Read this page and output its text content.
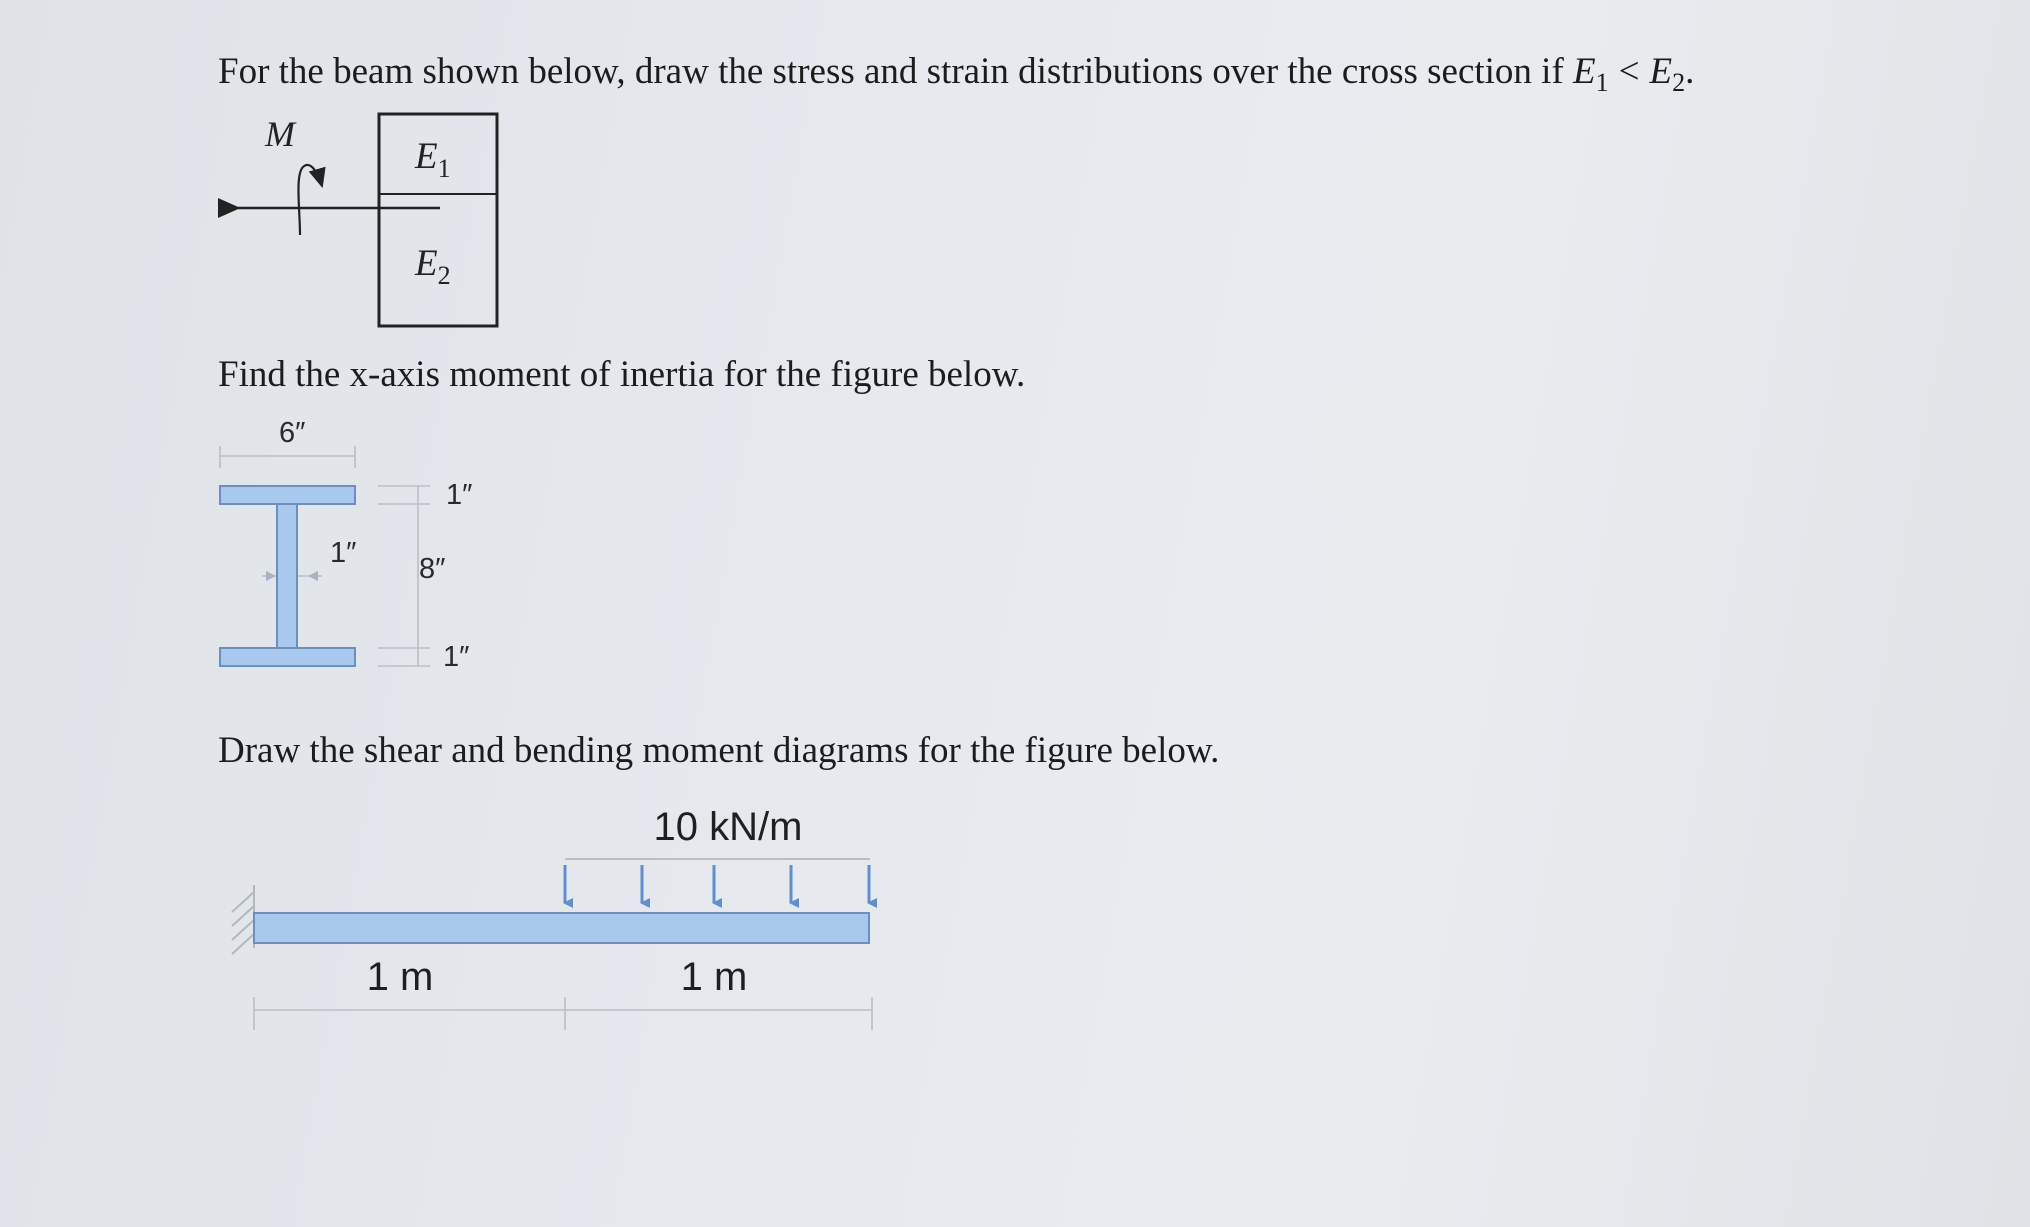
For the beam shown below, draw the stress and strain distributions over the cross section if $E_1 < E_2$.
M
$E_1$
$E_2$
Find the x-axis moment of inertia for the figure below.
6″
1″
1″ 8″
1″
Draw the shear and bending moment diagrams for the figure below.
10 kN/m
1 m	1 m
